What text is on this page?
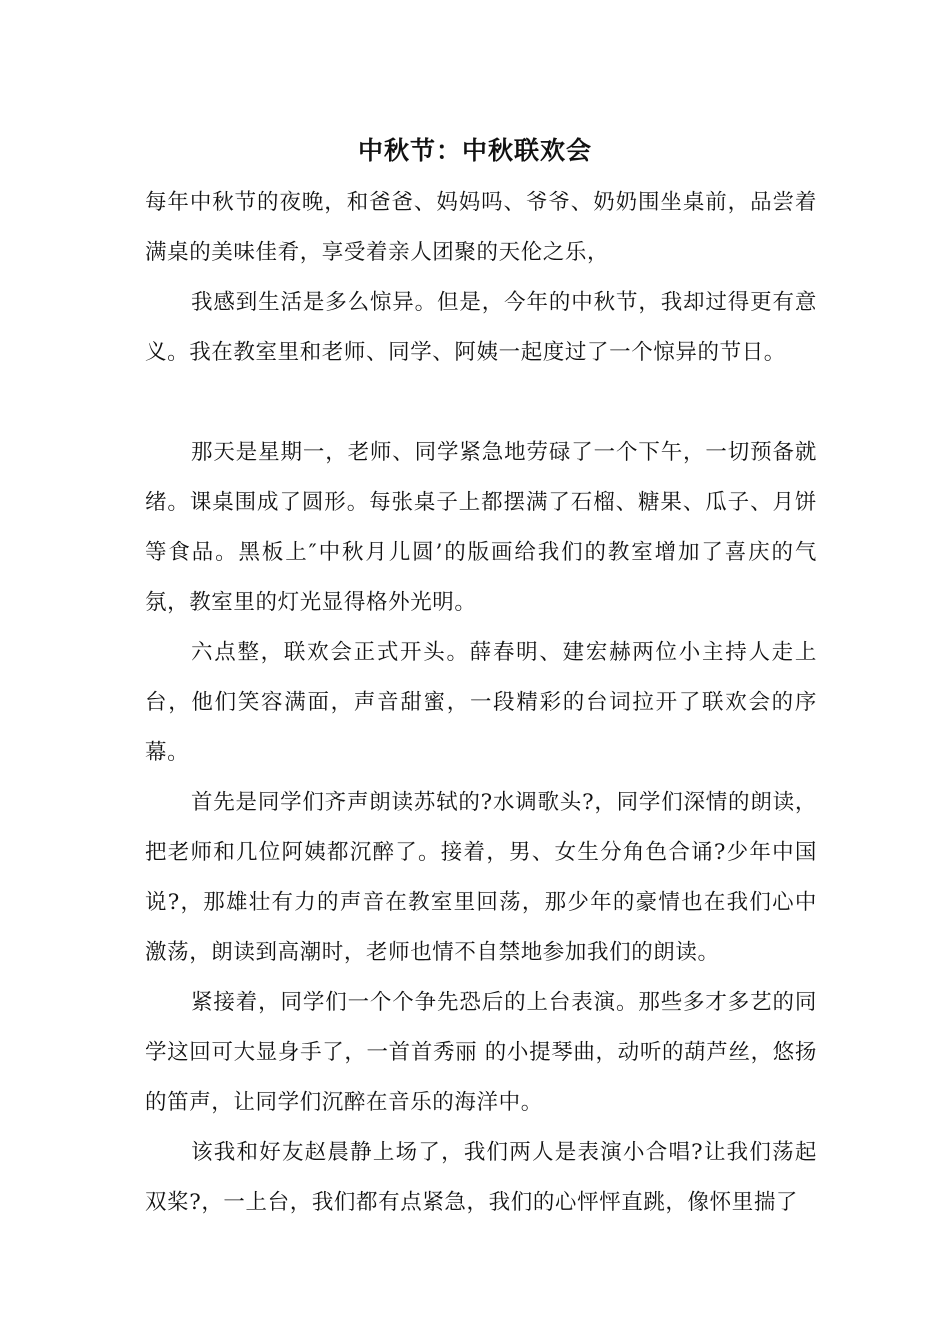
中秋节：中秋联欢会

每年中秋节的夜晚，和爸爸、妈妈吗、爷爷、奶奶围坐桌前，品尝着满桌的美味佳肴，享受着亲人团聚的天伦之乐，

我感到生活是多么惊异。但是，今年的中秋节，我却过得更有意义。我在教室里和老师、同学、阿姨一起度过了一个惊异的节日。

那天是星期一，老师、同学紧急地劳碌了一个下午，一切预备就绪。课桌围成了圆形。每张桌子上都摆满了石榴、糖果、瓜子、月饼等食品。黑板上″中秋月儿圆’的版画给我们的教室增加了喜庆的气氛，教室里的灯光显得格外光明。

六点整，联欢会正式开头。薛春明、建宏赫两位小主持人走上台，他们笑容满面，声音甜蜜，一段精彩的台词拉开了联欢会的序幕。

首先是同学们齐声朗读苏轼的?水调歌头?，同学们深情的朗读，把老师和几位阿姨都沉醉了。接着，男、女生分角色合诵?少年中国说?，那雄壮有力的声音在教室里回荡，那少年的豪情也在我们心中激荡，朗读到高潮时，老师也情不自禁地参加我们的朗读。

紧接着，同学们一个个争先恐后的上台表演。那些多才多艺的同学这回可大显身手了，一首首秀丽 的小提琴曲，动听的葫芦丝，悠扬的笛声，让同学们沉醉在音乐的海洋中。

该我和好友赵晨静上场了，我们两人是表演小合唱?让我们荡起双桨?，一上台，我们都有点紧急，我们的心怦怦直跳，像怀里揣了
